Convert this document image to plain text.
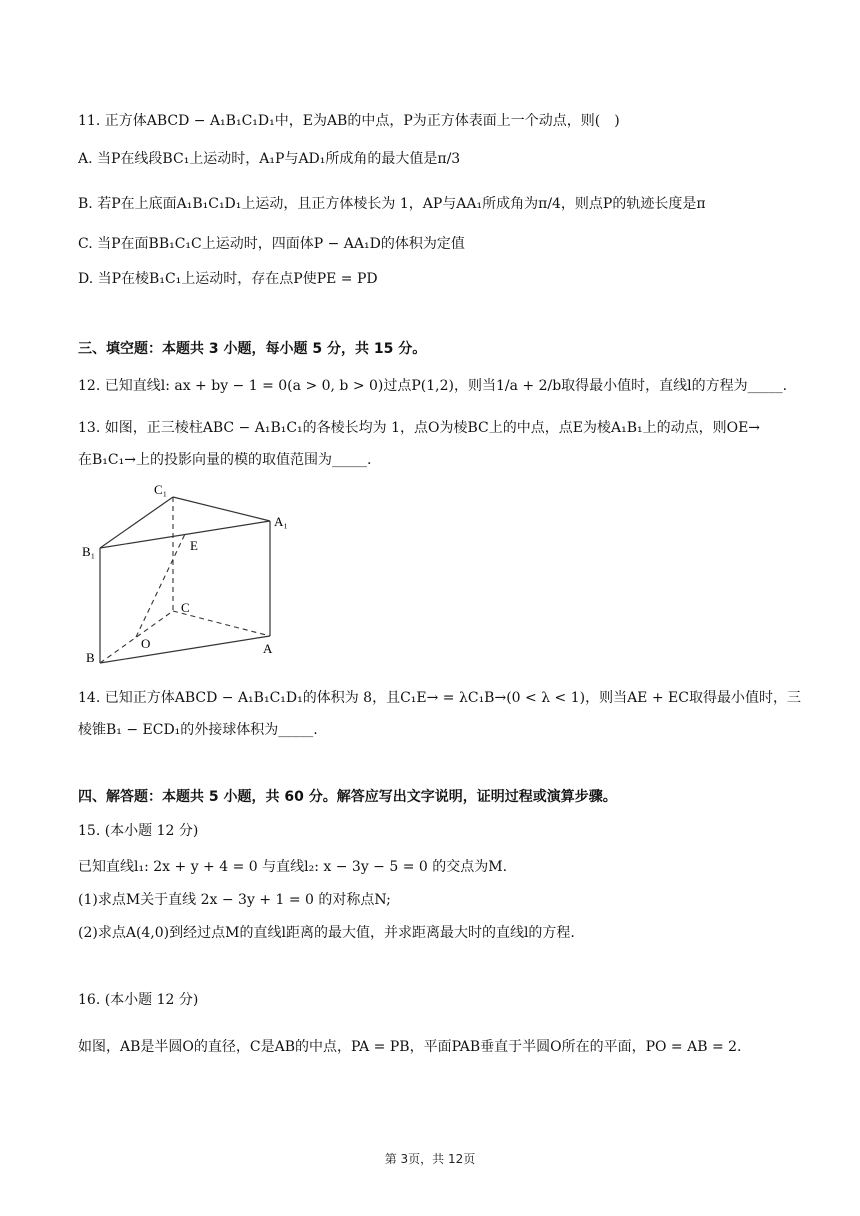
11. 正方体ABCD − A₁B₁C₁D₁中，E为AB的中点，P为正方体表面上一个动点，则(　)
A. 当P在线段BC₁上运动时，A₁P与AD₁所成角的最大值是π/3
B. 若P在上底面A₁B₁C₁D₁上运动，且正方体棱长为 1，AP与AA₁所成角为π/4，则点P的轨迹长度是π
C. 当P在面BB₁C₁C上运动时，四面体P − AA₁D的体积为定值
D. 当P在棱B₁C₁上运动时，存在点P使PE = PD
三、填空题：本题共 3 小题，每小题 5 分，共 15 分。
12. 已知直线l: ax + by − 1 = 0(a > 0, b > 0)过点P(1,2)，则当1/a + 2/b取得最小值时，直线l的方程为_____.
13. 如图，正三棱柱ABC − A₁B₁C₁的各棱长均为 1，点O为棱BC上的中点，点E为棱A₁B₁上的动点，则OE→
在B₁C₁→上的投影向量的模的取值范围为_____.
C₁
A₁
B₁	E
C
O
B
A
14. 已知正方体ABCD − A₁B₁C₁D₁的体积为 8，且C₁E→ = λC₁B→(0 < λ < 1)，则当AE + EC取得最小值时，三
棱锥B₁ − ECD₁的外接球体积为_____.
四、解答题：本题共 5 小题，共 60 分。解答应写出文字说明，证明过程或演算步骤。
15. (本小题 12 分)
已知直线l₁: 2x + y + 4 = 0 与直线l₂: x − 3y − 5 = 0 的交点为M.
(1)求点M关于直线 2x − 3y + 1 = 0 的对称点N;
(2)求点A(4,0)到经过点M的直线l距离的最大值，并求距离最大时的直线l的方程.
16. (本小题 12 分)
如图，AB是半圆O的直径，C是AB的中点，PA = PB，平面PAB垂直于半圆O所在的平面，PO = AB = 2.
第 3页，共 12页
